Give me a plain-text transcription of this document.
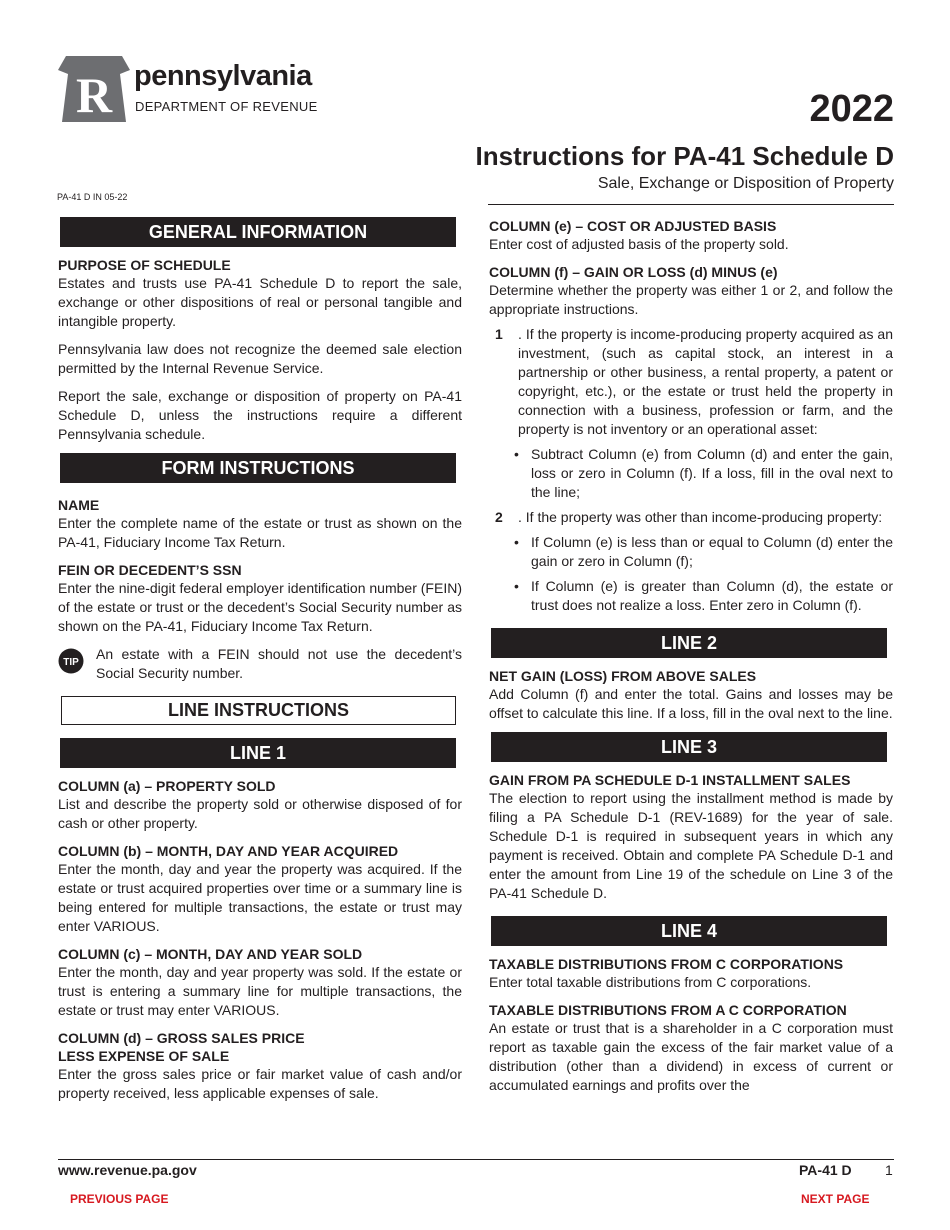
R pennsylvania
DEPARTMENT OF REVENUE	2022
Instructions for PA-41 Schedule D
Sale, Exchange or Disposition of Property
PA-41 D IN 05-22
GENERAL INFORMATION
PURPOSE OF SCHEDULE

Estates and trusts use PA-41 Schedule D to report the sale, exchange or other dispositions of real or personal tangible and intangible property.

Pennsylvania law does not recognize the deemed sale election permitted by the Internal Revenue Service.

Report the sale, exchange or disposition of property on PA-41 Schedule D, unless the instructions require a different Pennsylvania schedule.

FORM INSTRUCTIONS
NAME

Enter the complete name of the estate or trust as shown on the PA-41, Fiduciary Income Tax Return.

FEIN OR DECEDENT’S SSN

Enter the nine-digit federal employer identification number (FEIN) of the estate or trust or the decedent’s Social Security number as shown on the PA-41, Fiduciary Income Tax Return.

TIP

An estate with a FEIN should not use the decedent’s Social Security number.

LINE INSTRUCTIONS
LINE 1
COLUMN (a) – PROPERTY SOLD

List and describe the property sold or otherwise disposed of for cash or other property.

COLUMN (b) – MONTH, DAY AND YEAR ACQUIRED

Enter the month, day and year the property was acquired. If the estate or trust acquired properties over time or a summary line is being entered for multiple transactions, the estate or trust may enter VARIOUS.

COLUMN (c) – MONTH, DAY AND YEAR SOLD

Enter the month, day and year property was sold. If the estate or trust is entering a summary line for multiple transactions, the estate or trust may enter VARIOUS.

COLUMN (d) – GROSS SALES PRICE
LESS EXPENSE OF SALE

Enter the gross sales price or fair market value of cash and/or property received, less applicable expenses of sale.

COLUMN (e) – COST OR ADJUSTED BASIS

Enter cost of adjusted basis of the property sold.

COLUMN (f) – GAIN OR LOSS (d) MINUS (e)

Determine whether the property was either 1 or 2, and follow the appropriate instructions.

1 . If the property is income-producing property acquired as an investment, (such as capital stock, an interest in a partnership or other business, a rental property, a patent or copyright, etc.), or the estate or trust held the property in connection with a business, profession or farm, and the property is not inventory or an operational asset:
• Subtract Column (e) from Column (d) and enter the gain, loss or zero in Column (f). If a loss, fill in the oval next to the line;
2 . If the property was other than income-producing property:
• If Column (e) is less than or equal to Column (d) enter the gain or zero in Column (f);
• If Column (e) is greater than Column (d), the estate or trust does not realize a loss. Enter zero in Column (f).
LINE 2
NET GAIN (LOSS) FROM ABOVE SALES

Add Column (f) and enter the total. Gains and losses may be offset to calculate this line. If a loss, fill in the oval next to the line.

LINE 3
GAIN FROM PA SCHEDULE D-1 INSTALLMENT SALES

The election to report using the installment method is made by filing a PA Schedule D-1 (REV-1689) for the year of sale. Schedule D-1 is required in subsequent years in which any payment is received. Obtain and complete PA Schedule D-1 and enter the amount from Line 19 of the schedule on Line 3 of the PA-41 Schedule D.

LINE 4
TAXABLE DISTRIBUTIONS FROM C CORPORATIONS

Enter total taxable distributions from C corporations.

TAXABLE DISTRIBUTIONS FROM A C CORPORATION

An estate or trust that is a shareholder in a C corporation must report as taxable gain the excess of the fair market value of a distribution (other than a dividend) in excess of current or accumulated earnings and profits over the

www.revenue.pa.gov	PA-41 D 1
PREVIOUS PAGE	NEXT PAGE
